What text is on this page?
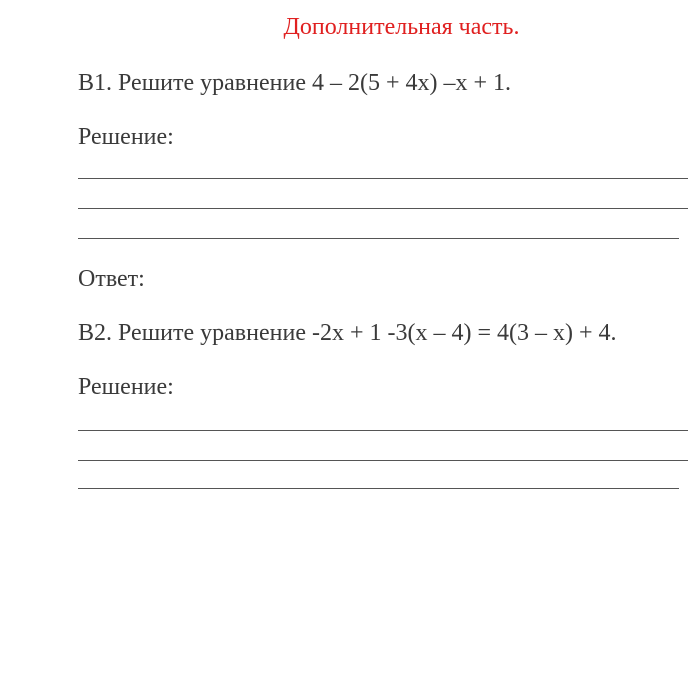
Дополнительная часть.
В1. Решите уравнение 4 – 2(5 + 4х) –х + 1.
Решение:
Ответ:
В2. Решите уравнение -2х + 1 -3(х – 4) = 4(3 – х) + 4.
Решение:
